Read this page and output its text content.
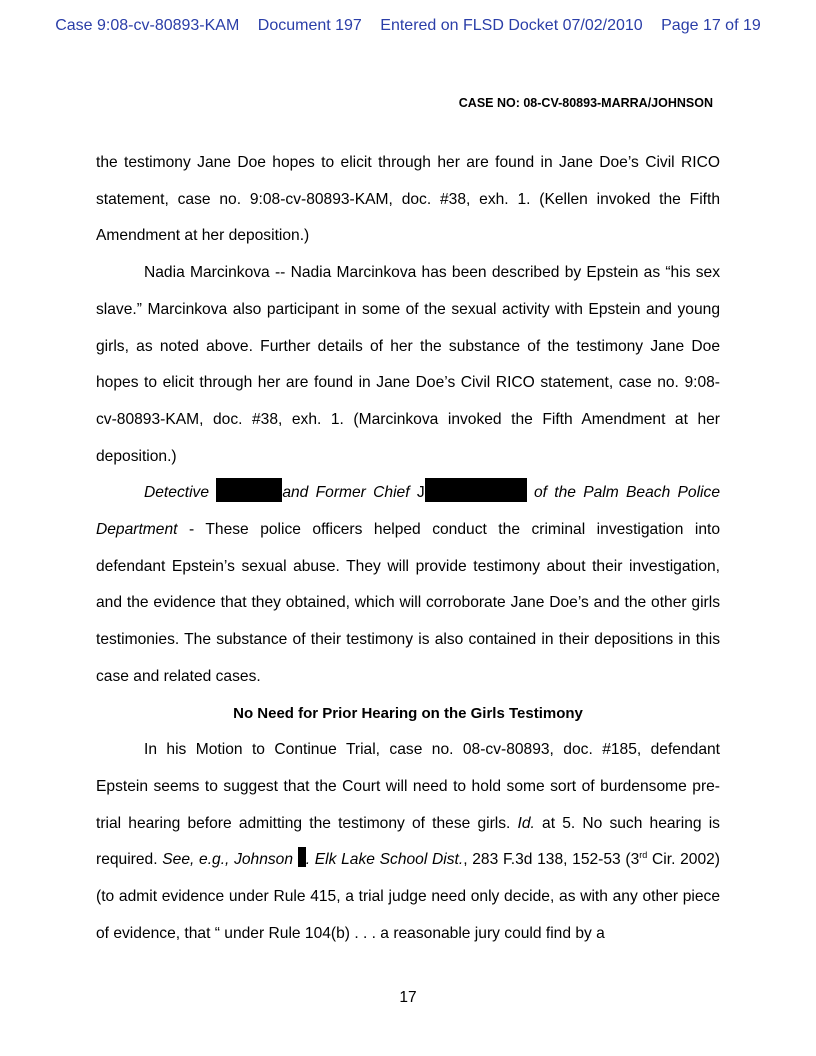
Case 9:08-cv-80893-KAM Document 197 Entered on FLSD Docket 07/02/2010 Page 17 of 19
CASE NO: 08-CV-80893-MARRA/JOHNSON

the testimony Jane Doe hopes to elicit through her are found in Jane Doe’s Civil RICO statement, case no. 9:08-cv-80893-KAM, doc. #38, exh. 1. (Kellen invoked the Fifth Amendment at her deposition.)

Nadia Marcinkova -- Nadia Marcinkova has been described by Epstein as “his sex slave.” Marcinkova also participant in some of the sexual activity with Epstein and young girls, as noted above. Further details of her the substance of the testimony Jane Doe hopes to elicit through her are found in Jane Doe’s Civil RICO statement, case no. 9:08-cv-80893-KAM, doc. #38, exh. 1. (Marcinkova invoked the Fifth Amendment at her deposition.)

Detective	and Former Chief J	of the Palm Beach Police Department - These police officers helped conduct the criminal investigation into defendant Epstein’s sexual abuse. They will provide testimony about their investigation, and the evidence that they obtained, which will corroborate Jane Doe’s and the other girls testimonies. The substance of their testimony is also contained in their depositions in this case and related cases.

No Need for Prior Hearing on the Girls Testimony

In his Motion to Continue Trial, case no. 08-cv-80893, doc. #185, defendant Epstein seems to suggest that the Court will need to hold some sort of burdensome pre-trial hearing before admitting the testimony of these girls. Id. at 5. No such hearing is required. See, e.g., Johnson . Elk Lake School Dist., 283 F.3d 138, 152-53 (3rd Cir. 2002) (to admit evidence under Rule 415, a trial judge need only decide, as with any other piece of evidence, that “ under Rule 104(b) . . . a reasonable jury could find by a

17
